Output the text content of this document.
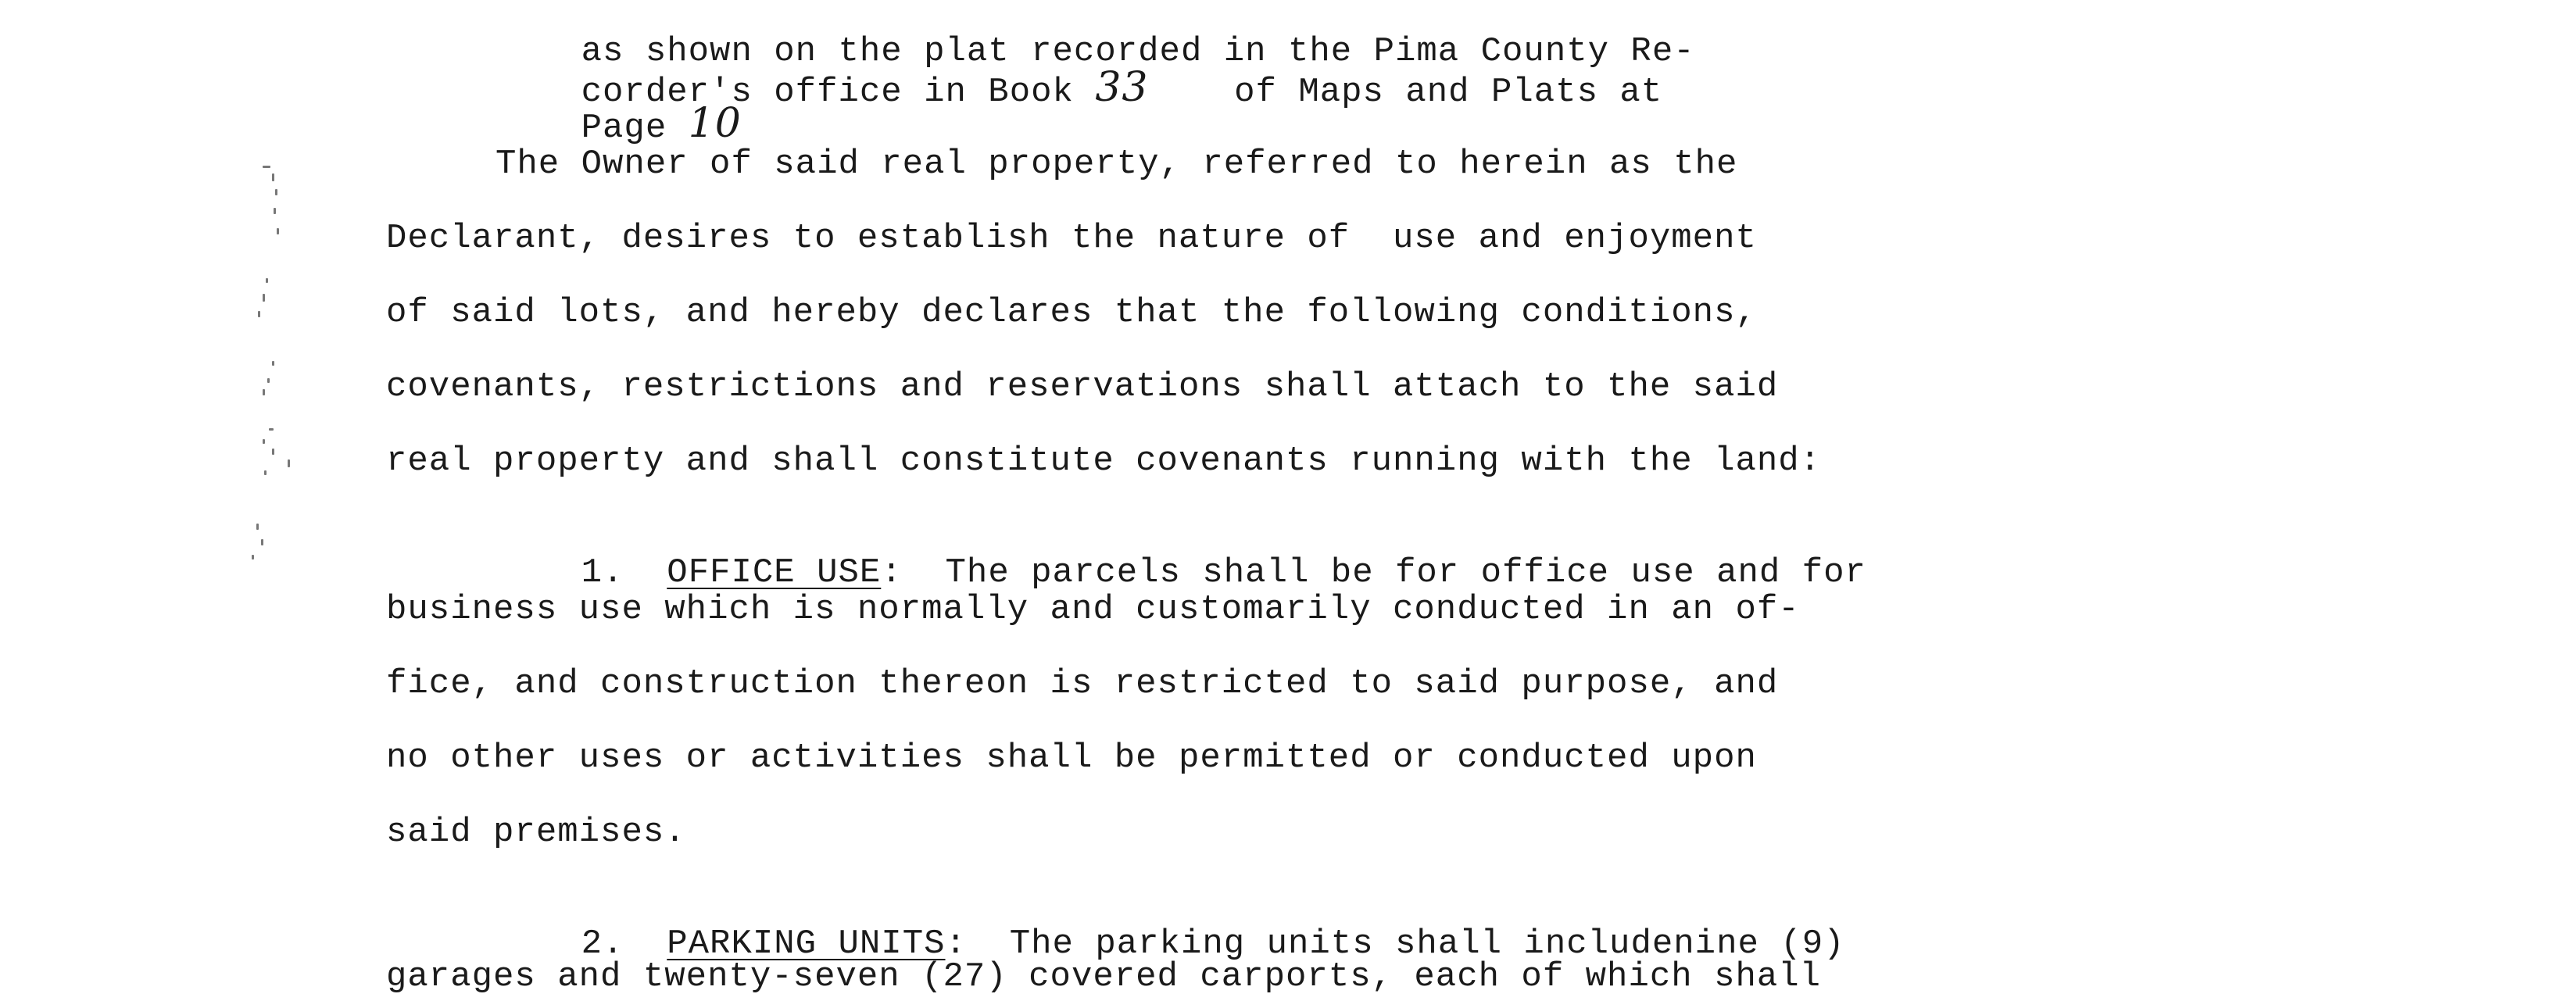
as shown on the plat recorded in the Pima County Re-

corder's office in Book 33    of Maps and Plats at

Page 10

The Owner of said real property, referred to herein as the
Declarant, desires to establish the nature of  use and enjoyment
of said lots, and hereby declares that the following conditions,
covenants, restrictions and reservations shall attach to the said
real property and shall constitute covenants running with the land:

1. OFFICE USE:  The parcels shall be for office use and for

business use which is normally and customarily conducted in an of-
fice, and construction thereon is restricted to said purpose, and
no other uses or activities shall be permitted or conducted upon
said premises.

2. PARKING UNITS:  The parking units shall includenine (9)

garages and twenty-seven (27) covered carports, each of which shall
